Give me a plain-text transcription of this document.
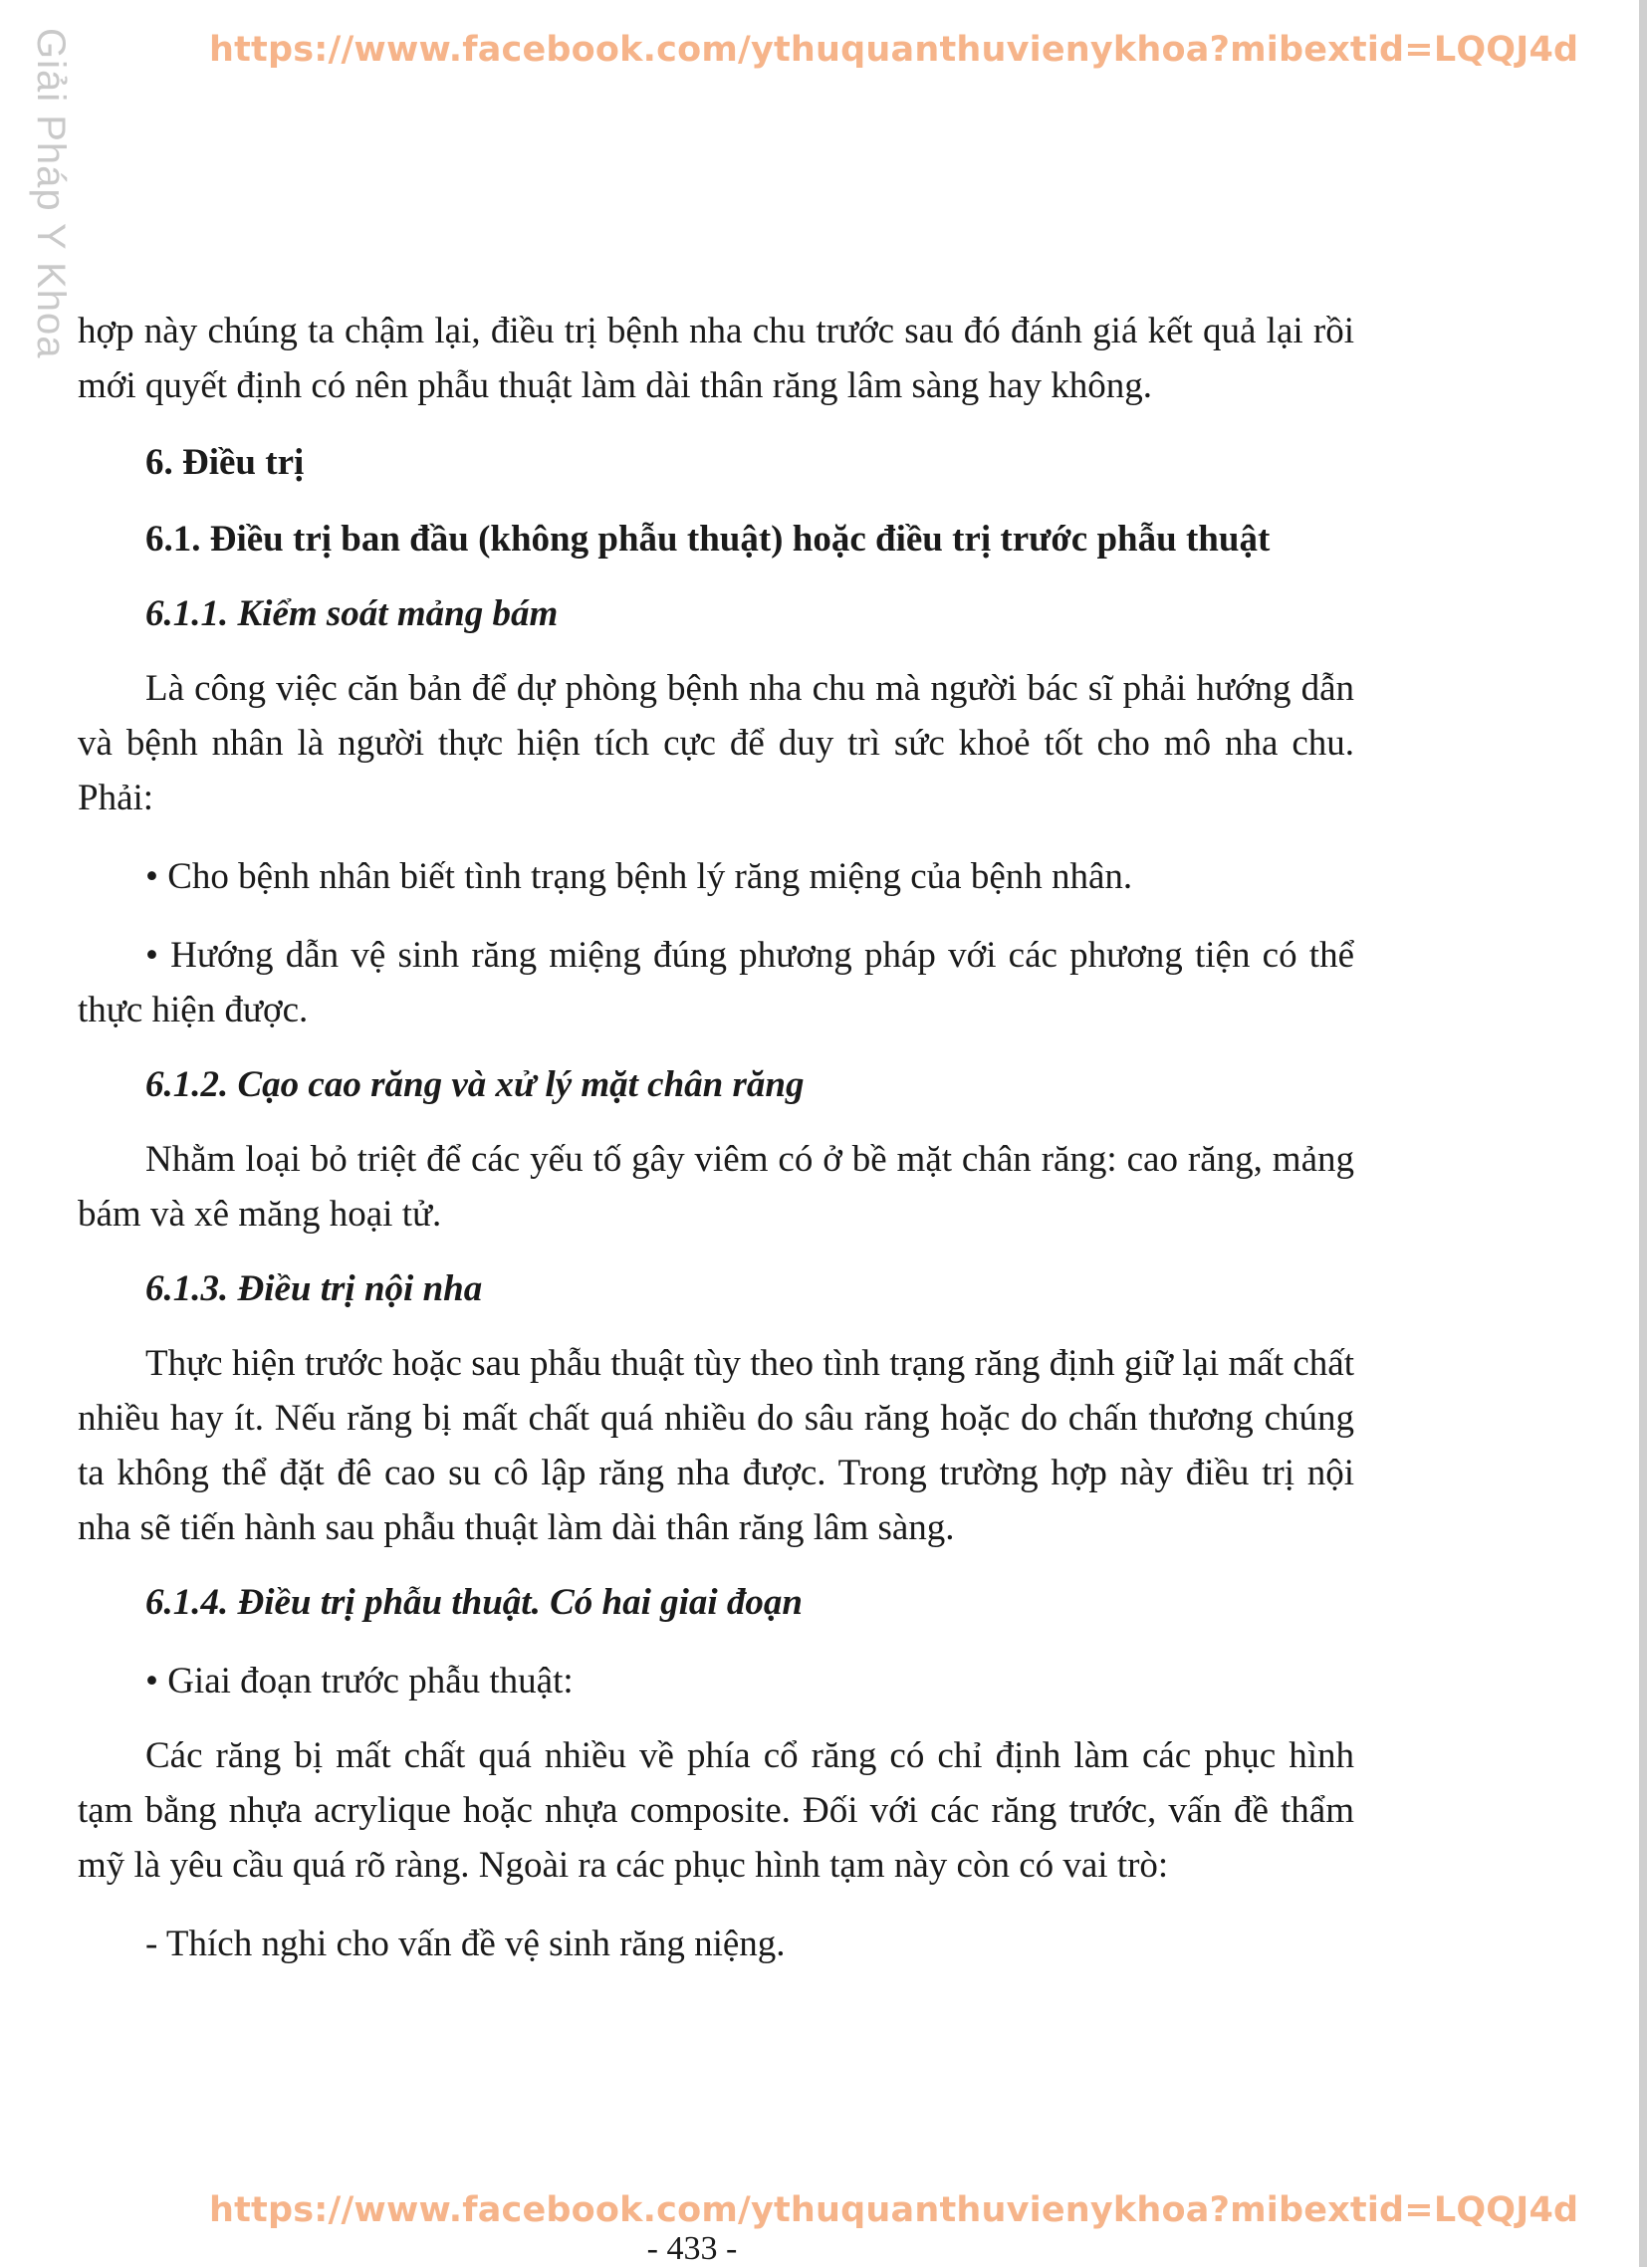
https://www.facebook.com/ythuquanthuvienykhoa?mibextid=LQQJ4d
Giải Pháp Y Khoa hợp này chúng ta chậm lại, điều trị bệnh nha chu trước sau đó đánh giá kết quả lại rồi mới quyết định có nên phẫu thuật làm dài thân răng lâm sàng hay không.

6. Điều trị

6.1. Điều trị ban đầu (không phẫu thuật) hoặc điều trị trước phẫu thuật

6.1.1. Kiểm soát mảng bám

Là công việc căn bản để dự phòng bệnh nha chu mà người bác sĩ phải hướng dẫn và bệnh nhân là người thực hiện tích cực để duy trì sức khoẻ tốt cho mô nha chu. Phải:

• Cho bệnh nhân biết tình trạng bệnh lý răng miệng của bệnh nhân.

• Hướng dẫn vệ sinh răng miệng đúng phương pháp với các phương tiện có thể thực hiện được.

6.1.2. Cạo cao răng và xử lý mặt chân răng

Nhằm loại bỏ triệt để các yếu tố gây viêm có ở bề mặt chân răng: cao răng, mảng bám và xê măng hoại tử.

6.1.3. Điều trị nội nha

Thực hiện trước hoặc sau phẫu thuật tùy theo tình trạng răng định giữ lại mất chất nhiều hay ít. Nếu răng bị mất chất quá nhiều do sâu răng hoặc do chấn thương chúng ta không thể đặt đê cao su cô lập răng nha được. Trong trường hợp này điều trị nội nha sẽ tiến hành sau phẫu thuật làm dài thân răng lâm sàng.

6.1.4. Điều trị phẫu thuật. Có hai giai đoạn

• Giai đoạn trước phẫu thuật:

Các răng bị mất chất quá nhiều về phía cổ răng có chỉ định làm các phục hình tạm bằng nhựa acrylique hoặc nhựa composite. Đối với các răng trước, vấn đề thẩm mỹ là yêu cầu quá rõ ràng. Ngoài ra các phục hình tạm này còn có vai trò:

- Thích nghi cho vấn đề vệ sinh răng niệng.

https://www.facebook.com/ythuquanthuvienykhoa?mibextid=LQQJ4d
- 433 -
